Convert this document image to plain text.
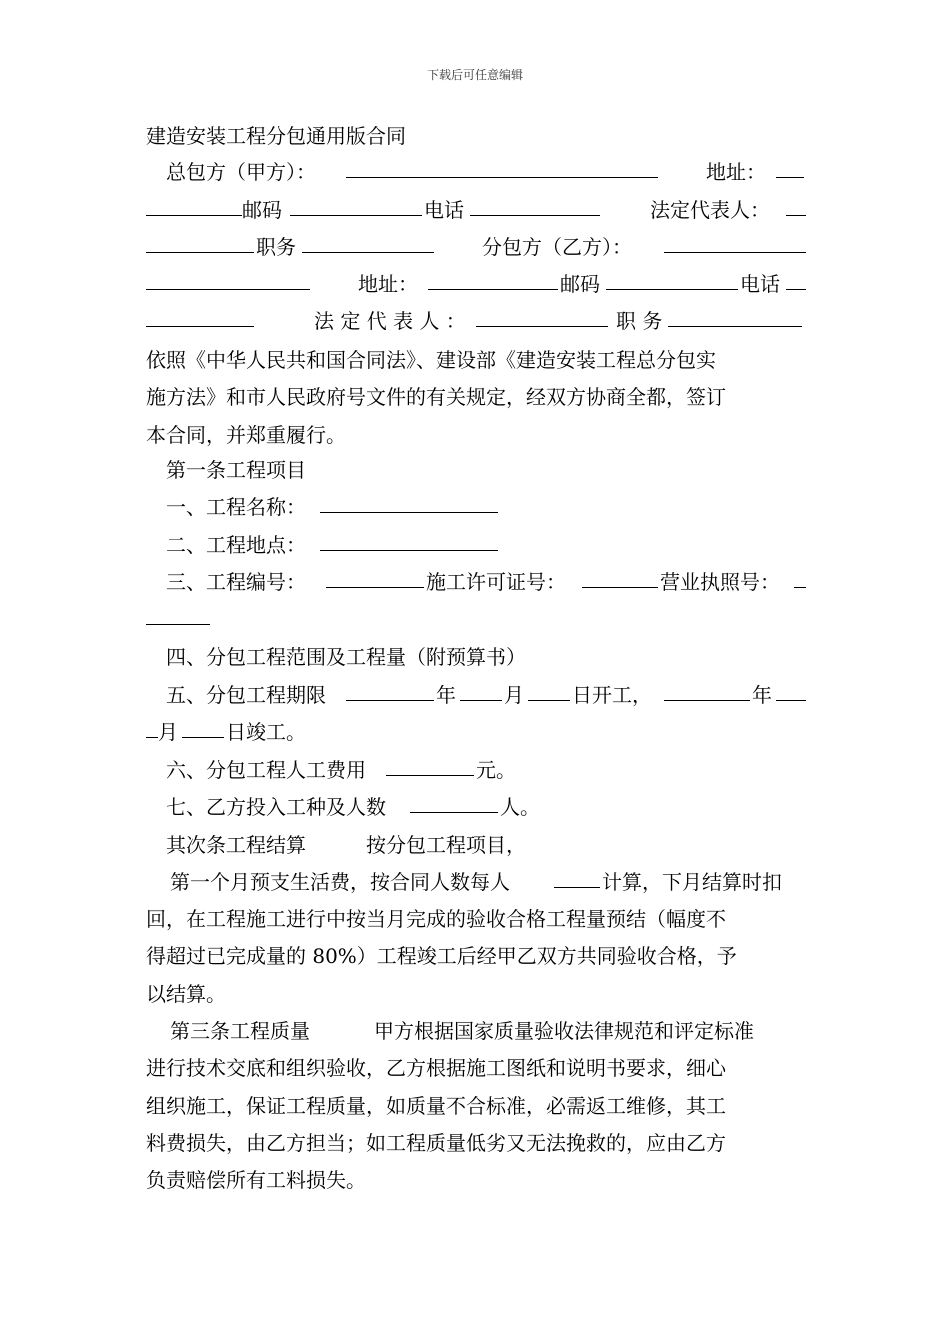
下载后可任意编辑
建造安装工程分包通用版合同
总包方（甲方）：	地址：
邮码	电话	法定代表人：
职务	分包方（乙方）：
地址：	邮码	电话
法 定 代 表 人 ：	职 务
依照《中华人民共和国合同法》、建设部《建造安装工程总分包实
施方法》和市人民政府号文件的有关规定，经双方协商全都，签订
本合同，并郑重履行。
第一条工程项目
一、工程名称：
二、工程地点：
三、工程编号：	施工许可证号：	营业执照号：
四、分包工程范围及工程量（附预算书）
五、分包工程期限	年 月 日开工，	年
月 日竣工。
六、分包工程人工费用	元。
七、乙方投入工种及人数	人。
其次条工程结算	按分包工程项目，
第一个月预支生活费，按合同人数每人	计算，下月结算时扣
回，在工程施工进行中按当月完成的验收合格工程量预结（幅度不
得超过已完成量的 80%）工程竣工后经甲乙双方共同验收合格，予
以结算。
第三条工程质量	甲方根据国家质量验收法律规范和评定标准
进行技术交底和组织验收，乙方根据施工图纸和说明书要求，细心
组织施工，保证工程质量，如质量不合标准，必需返工维修，其工
料费损失，由乙方担当；如工程质量低劣又无法挽救的，应由乙方
负责赔偿所有工料损失。
